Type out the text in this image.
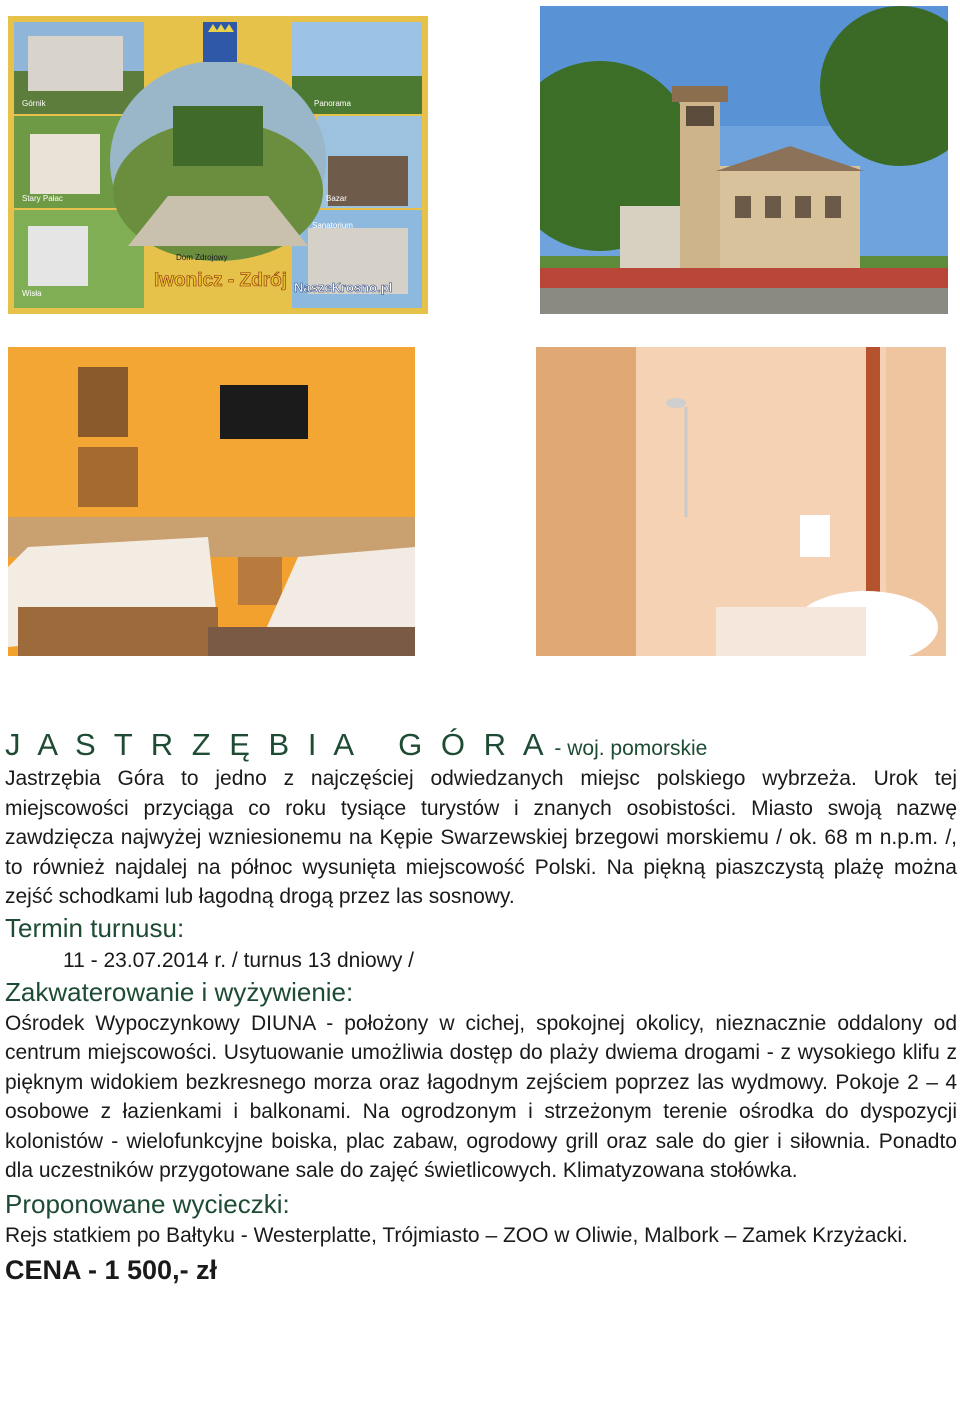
Górnik	Panorama
Stary Pałac	Bazar
Dom Zdrojowy
Sanatorium
Wisła
Iwonicz - Zdrój NaszeKrosno.pl
J A S T R Z Ę B I A   G Ó R A - woj. pomorskie

Jastrzębia Góra to jedno z najczęściej odwiedzanych miejsc polskiego wybrzeża. Urok tej miejscowości przyciąga co roku tysiące turystów i znanych osobistości. Miasto swoją nazwę zawdzięcza najwyżej wzniesionemu na Kępie Swarzewskiej brzegowi morskiemu / ok. 68 m n.p.m. /, to również najdalej na północ wysunięta miejscowość Polski. Na piękną piaszczystą plażę można zejść schodkami lub łagodną drogą przez las sosnowy.

Termin turnusu:
11 - 23.07.2014 r. / turnus 13 dniowy /
Zakwaterowanie i wyżywienie:

Ośrodek Wypoczynkowy DIUNA - położony w cichej, spokojnej okolicy, nieznacznie oddalony od centrum miejscowości. Usytuowanie umożliwia dostęp do plaży dwiema drogami - z wysokiego klifu z pięknym widokiem bezkresnego morza oraz łagodnym zejściem poprzez las wydmowy. Pokoje 2 – 4 osobowe z łazienkami i balkonami. Na ogrodzonym i strzeżonym terenie ośrodka do dyspozycji kolonistów - wielofunkcyjne boiska, plac zabaw, ogrodowy grill oraz sale do gier i siłownia. Ponadto dla uczestników przygotowane sale do zajęć świetlicowych. Klimatyzowana stołówka.

Proponowane wycieczki:

Rejs statkiem po Bałtyku - Westerplatte, Trójmiasto – ZOO w Oliwie, Malbork – Zamek Krzyżacki.

CENA - 1 500,- zł
